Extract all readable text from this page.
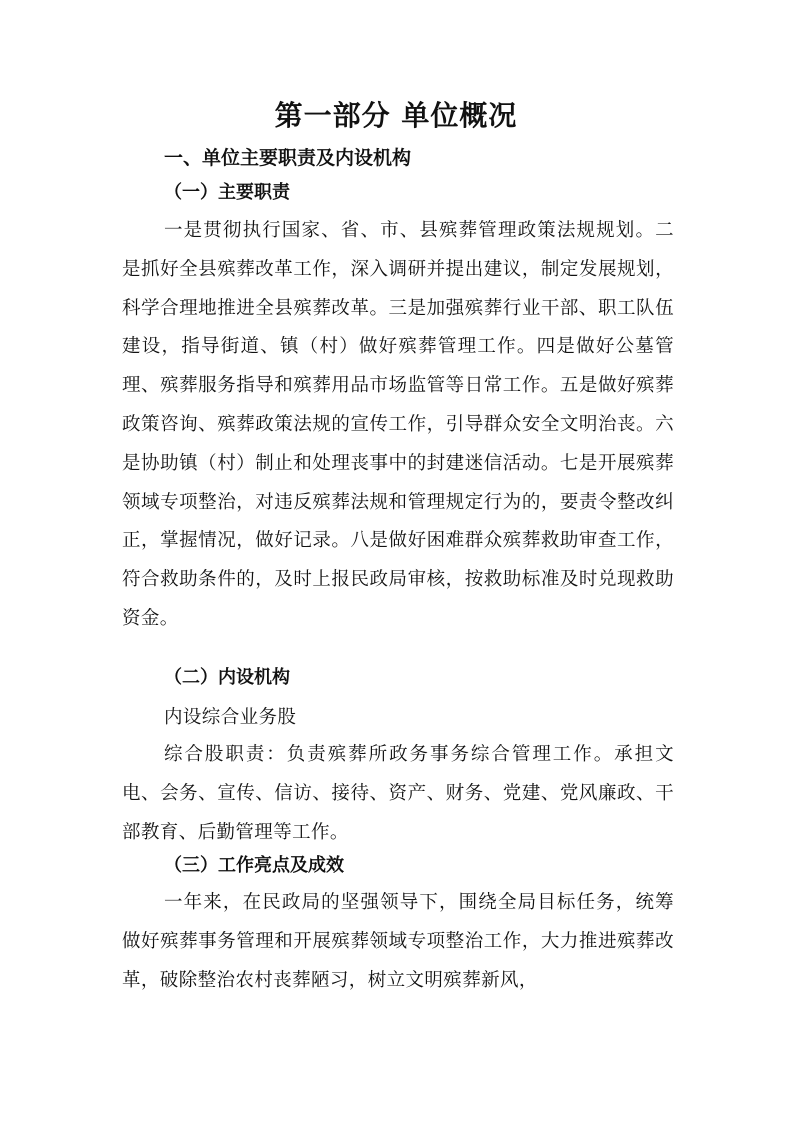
第一部分 单位概况
一、单位主要职责及内设机构
（一）主要职责
一是贯彻执行国家、省、市、县殡葬管理政策法规规划。二是抓好全县殡葬改革工作，深入调研并提出建议，制定发展规划，科学合理地推进全县殡葬改革。三是加强殡葬行业干部、职工队伍建设，指导街道、镇（村）做好殡葬管理工作。四是做好公墓管理、殡葬服务指导和殡葬用品市场监管等日常工作。五是做好殡葬政策咨询、殡葬政策法规的宣传工作，引导群众安全文明治丧。六是协助镇（村）制止和处理丧事中的封建迷信活动。七是开展殡葬领域专项整治，对违反殡葬法规和管理规定行为的，要责令整改纠正，掌握情况，做好记录。八是做好困难群众殡葬救助审查工作，符合救助条件的，及时上报民政局审核，按救助标准及时兑现救助资金。
（二）内设机构
内设综合业务股
综合股职责：负责殡葬所政务事务综合管理工作。承担文电、会务、宣传、信访、接待、资产、财务、党建、党风廉政、干部教育、后勤管理等工作。
（三）工作亮点及成效
一年来，在民政局的坚强领导下，围绕全局目标任务，统筹做好殡葬事务管理和开展殡葬领域专项整治工作，大力推进殡葬改革，破除整治农村丧葬陋习，树立文明殡葬新风，
